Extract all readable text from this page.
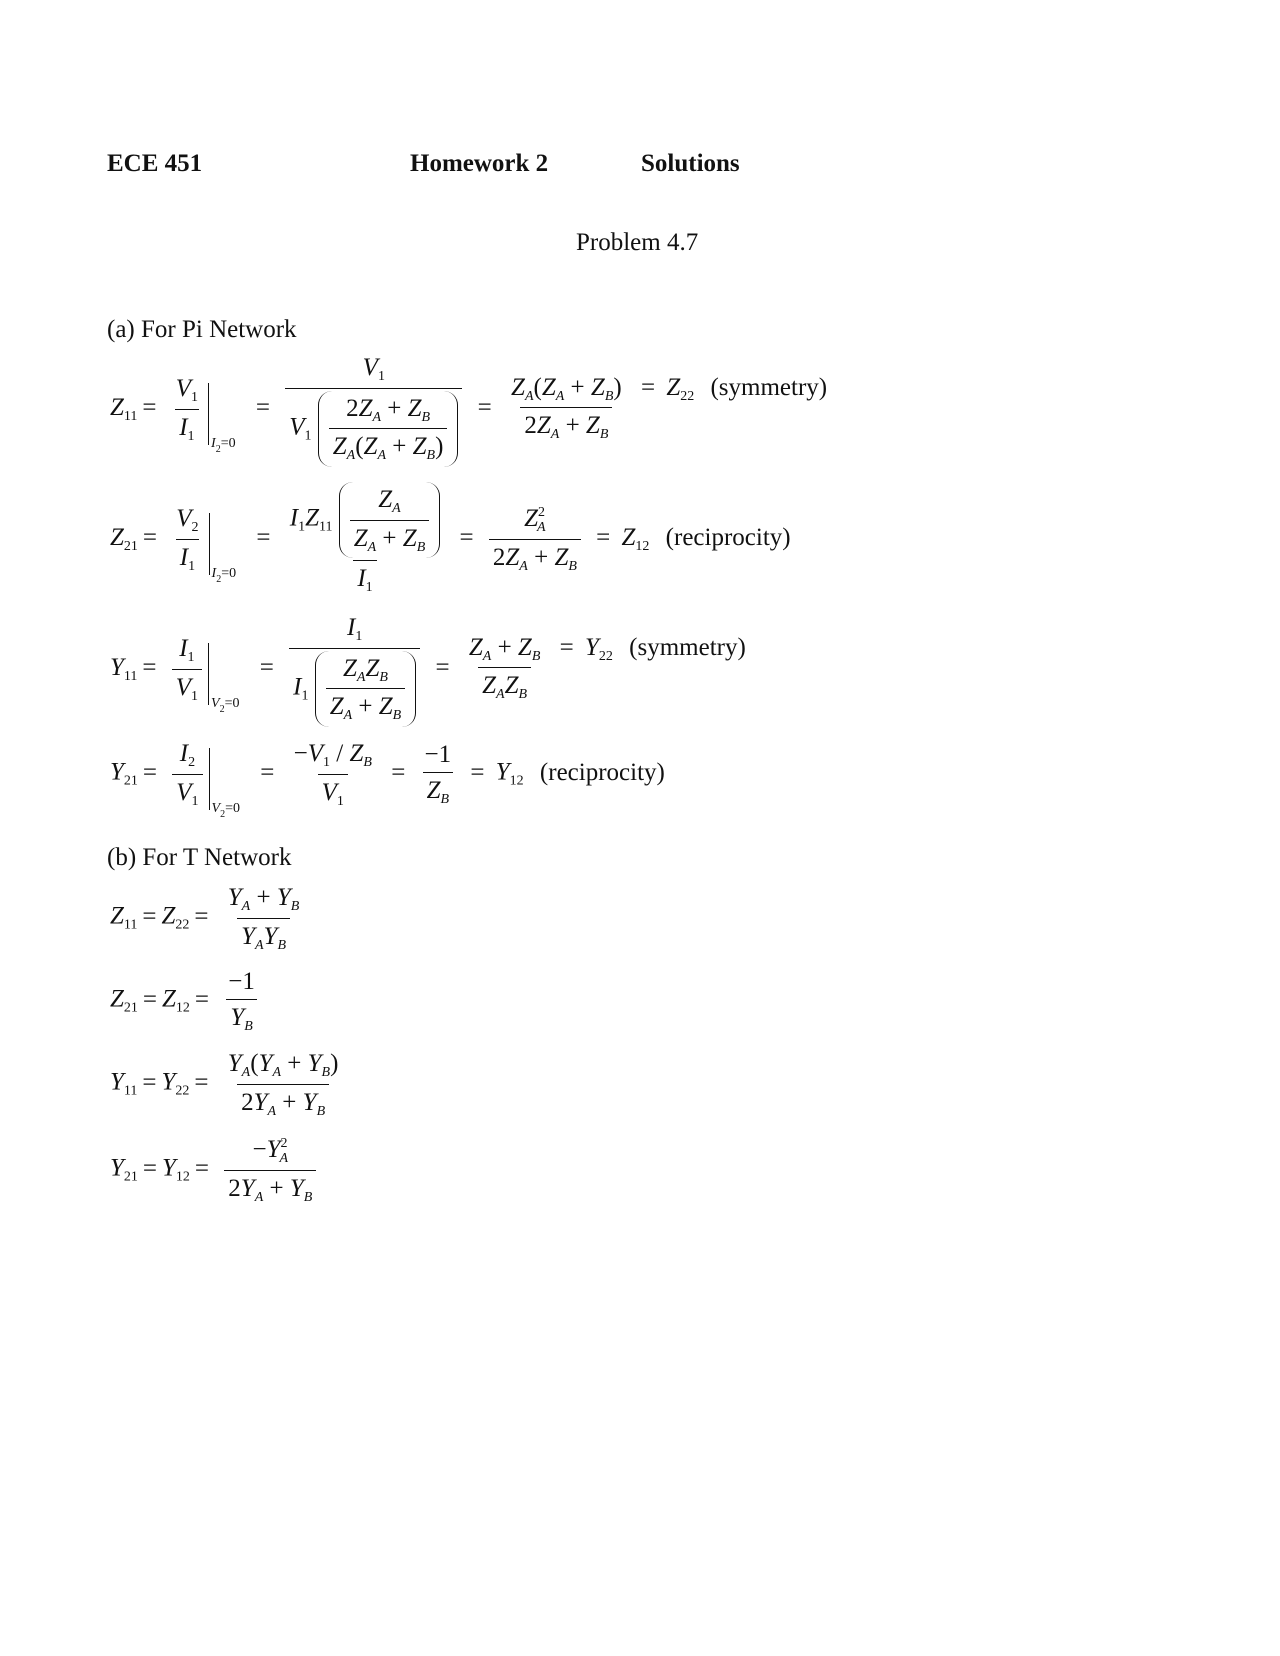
ECE 451	Homework 2	Solutions
Problem 4.7
(a) For Pi Network
$Z_{11} = \frac{V_1}{I_1} I_2=0$
= $\frac{V_1}{V_1 \frac{2Z_A + Z_B}{Z_A(Z_A + Z_B)}} = \frac{Z_A(Z_A + Z_B)}{2Z_A + Z_B} = Z_{22}$ (symmetry)
$Z_{21} = \frac{V_2}{I_1} I_2=0$
= $\frac{I_1Z_{11} \frac{Z_A}{Z_A + Z_B}}{I_1} = \frac{Z^2_A}{2Z_A + Z_B} = Z_{12}$ (reciprocity)
$Y_{11} = \frac{I_1}{V_1} V_2=0$
= $\frac{I_1}{I_1 \frac{Z_AZ_B}{Z_A + Z_B}} = \frac{Z_A + Z_B}{Z_AZ_B} = Y_{22}$ (symmetry)
$Y_{21} = \frac{I_2}{V_1} V_2=0$
= $\frac{-V_1 / Z_B}{V_1} = \frac{-1}{Z_B} = Y_{12}$ (reciprocity)
(b) For T Network
$Z_{11} = Z_{22} = \frac{Y_A + Y_B}{Y_AY_B}$
$Z_{21} = Z_{12} = \frac{-1}{Y_B}$
$Y_{11} = Y_{22} = \frac{Y_A(Y_A + Y_B)}{2Y_A + Y_B}$
$Y_{21} = Y_{12} = \frac{-Y^2_A}{2Y_A + Y_B}$
